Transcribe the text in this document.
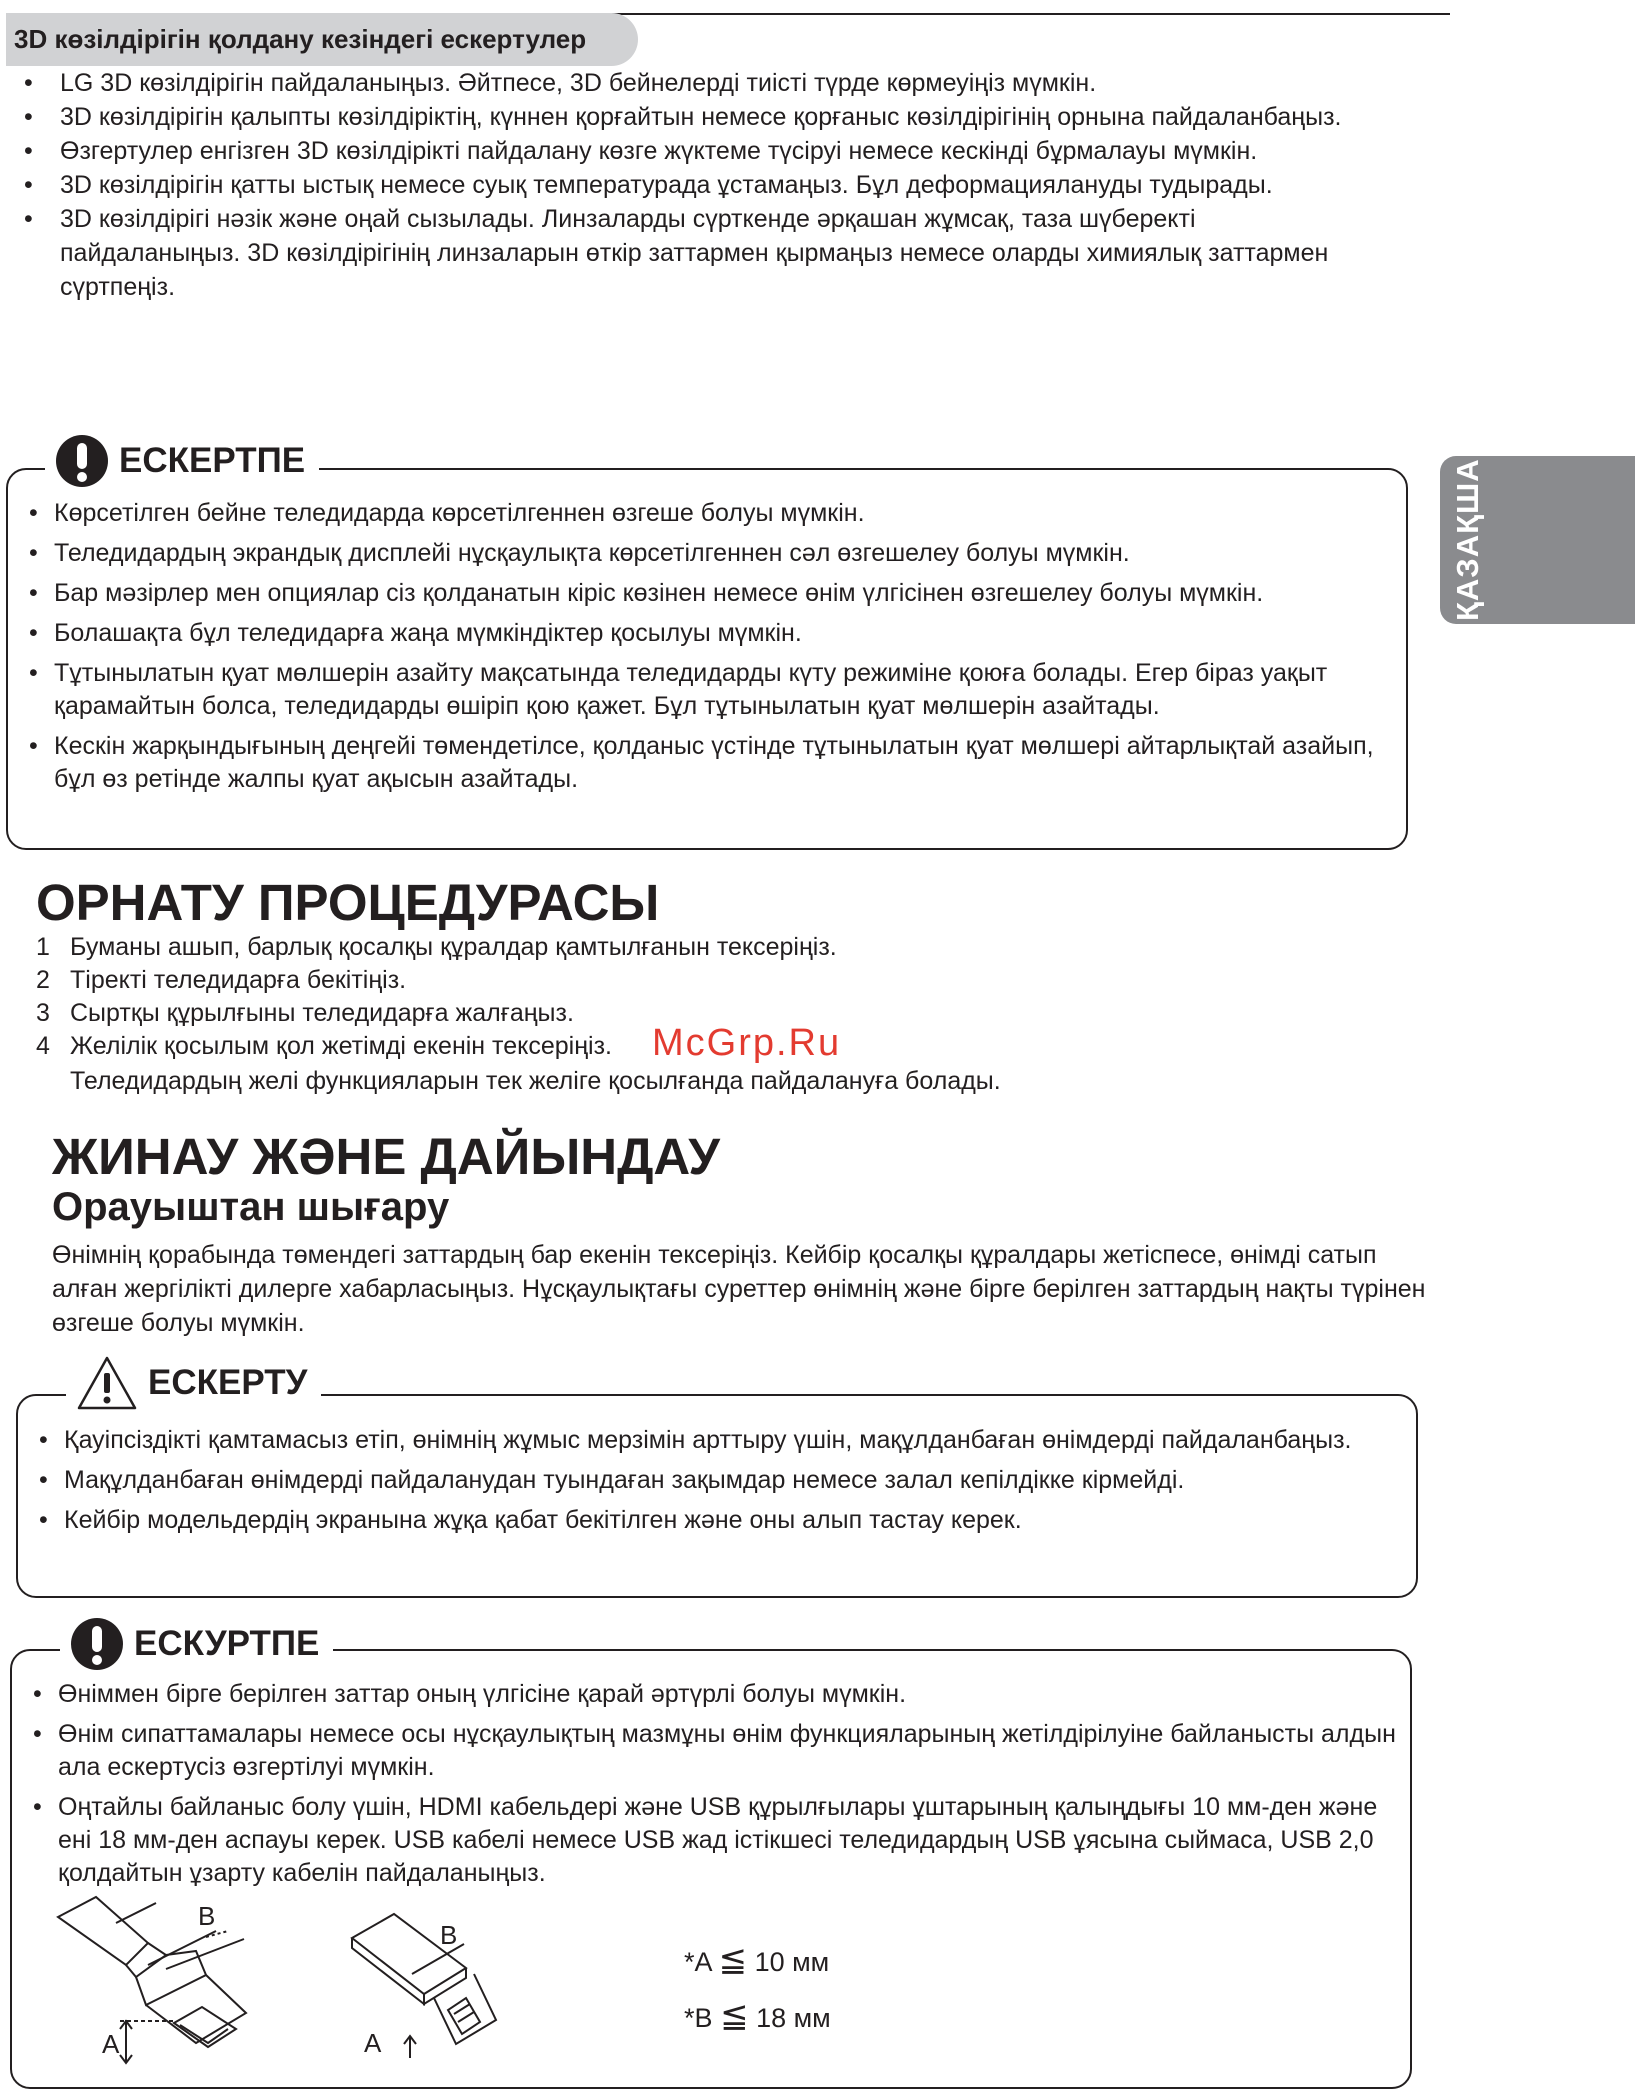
3D көзілдірігін қолдану кезіндегі ескертулер
• LG 3D көзілдірігін пайдаланыңыз. Әйтпесе, 3D бейнелерді тиісті түрде көрмеуіңіз мүмкін.
• 3D көзілдірігін қалыпты көзілдіріктің, күннен қорғайтын немесе қорғаныс көзілдірігінің орнына пайдаланбаңыз.
• Өзгертулер енгізген 3D көзілдірікті пайдалану көзге жүктеме түсіруі немесе кескінді бұрмалауы мүмкін.
• 3D көзілдірігін қатты ыстық немесе суық температурада ұстамаңыз. Бұл деформациялануды тудырады.
• 3D көзілдірігі нәзік және оңай сызылады. Линзаларды сүрткенде әрқашан жұмсақ, таза шүберекті пайдаланыңыз. 3D көзілдірігінің линзаларын өткір заттармен қырмаңыз немесе оларды химиялық заттармен сүртпеңіз.
ҚАЗАҚША
ЕСКЕРТПЕ
• Көрсетілген бейне теледидарда көрсетілгеннен өзгеше болуы мүмкін.
• Теледидардың экрандық дисплейі нұсқаулықта көрсетілгеннен сәл өзгешелеу болуы мүмкін.
• Бар мәзірлер мен опциялар сіз қолданатын кіріс көзінен немесе өнім үлгісінен өзгешелеу болуы мүмкін.
• Болашақта бұл теледидарға жаңа мүмкіндіктер қосылуы мүмкін.
• Тұтынылатын қуат мөлшерін азайту мақсатында теледидарды күту режиміне қоюға болады. Егер біраз уақыт қарамайтын болса, теледидарды өшіріп қою қажет. Бұл тұтынылатын қуат мөлшерін азайтады.
• Кескін жарқындығының деңгейі төмендетілсе, қолданыс үстінде тұтынылатын қуат мөлшері айтарлықтай азайып, бұл өз ретінде жалпы қуат ақысын азайтады.
ОРНАТУ ПРОЦЕДУРАСЫ
1 Буманы ашып, барлық қосалқы құралдар қамтылғанын тексеріңіз.
2 Тіректі теледидарға бекітіңіз.
3 Сыртқы құрылғыны теледидарға жалғаңыз.
4 Желілік қосылым қол жетімді екенін тексеріңіз.
Теледидардың желі функцияларын тек желіге қосылғанда пайдалануға болады.
McGrp.Ru
ЖИНАУ ЖӘНЕ ДАЙЫНДАУ
Орауыштан шығару

Өнімнің қорабында төмендегі заттардың бар екенін тексеріңіз. Кейбір қосалқы құралдары жетіспесе, өнімді сатып алған жергілікті дилерге хабарласыңыз. Нұсқаулықтағы суреттер өнімнің және бірге берілген заттардың нақты түрінен өзгеше болуы мүмкін.

ЕСКЕРТУ
• Қауіпсіздікті қамтамасыз етіп, өнімнің жұмыс мерзімін арттыру үшін, мақұлданбаған өнімдерді пайдаланбаңыз.
• Мақұлданбаған өнімдерді пайдаланудан туындаған зақымдар немесе залал кепілдікке кірмейді.
• Кейбір модельдердің экранына жұқа қабат бекітілген және оны алып тастау керек.
ЕСКУРТПЕ
• Өніммен бірге берілген заттар оның үлгісіне қарай әртүрлі болуы мүмкін.
• Өнім сипаттамалары немесе осы нұсқаулықтың мазмұны өнім функцияларының жетілдірілуіне байланысты алдын ала ескертусіз өзгертілуі мүмкін.
• Оңтайлы байланыс болу үшін, HDMI кабельдері және USB құрылғылары ұштарының қалыңдығы 10 мм-ден және ені 18 мм-ден аспауы керек. USB кабелі немесе USB жад істікшесі теледидардың USB ұясына сыймаса, USB 2,0 қолдайтын ұзарту кабелін пайдаланыңыз.
B
A
B
A
*A ≦ 10 мм
*B ≦ 18 мм
